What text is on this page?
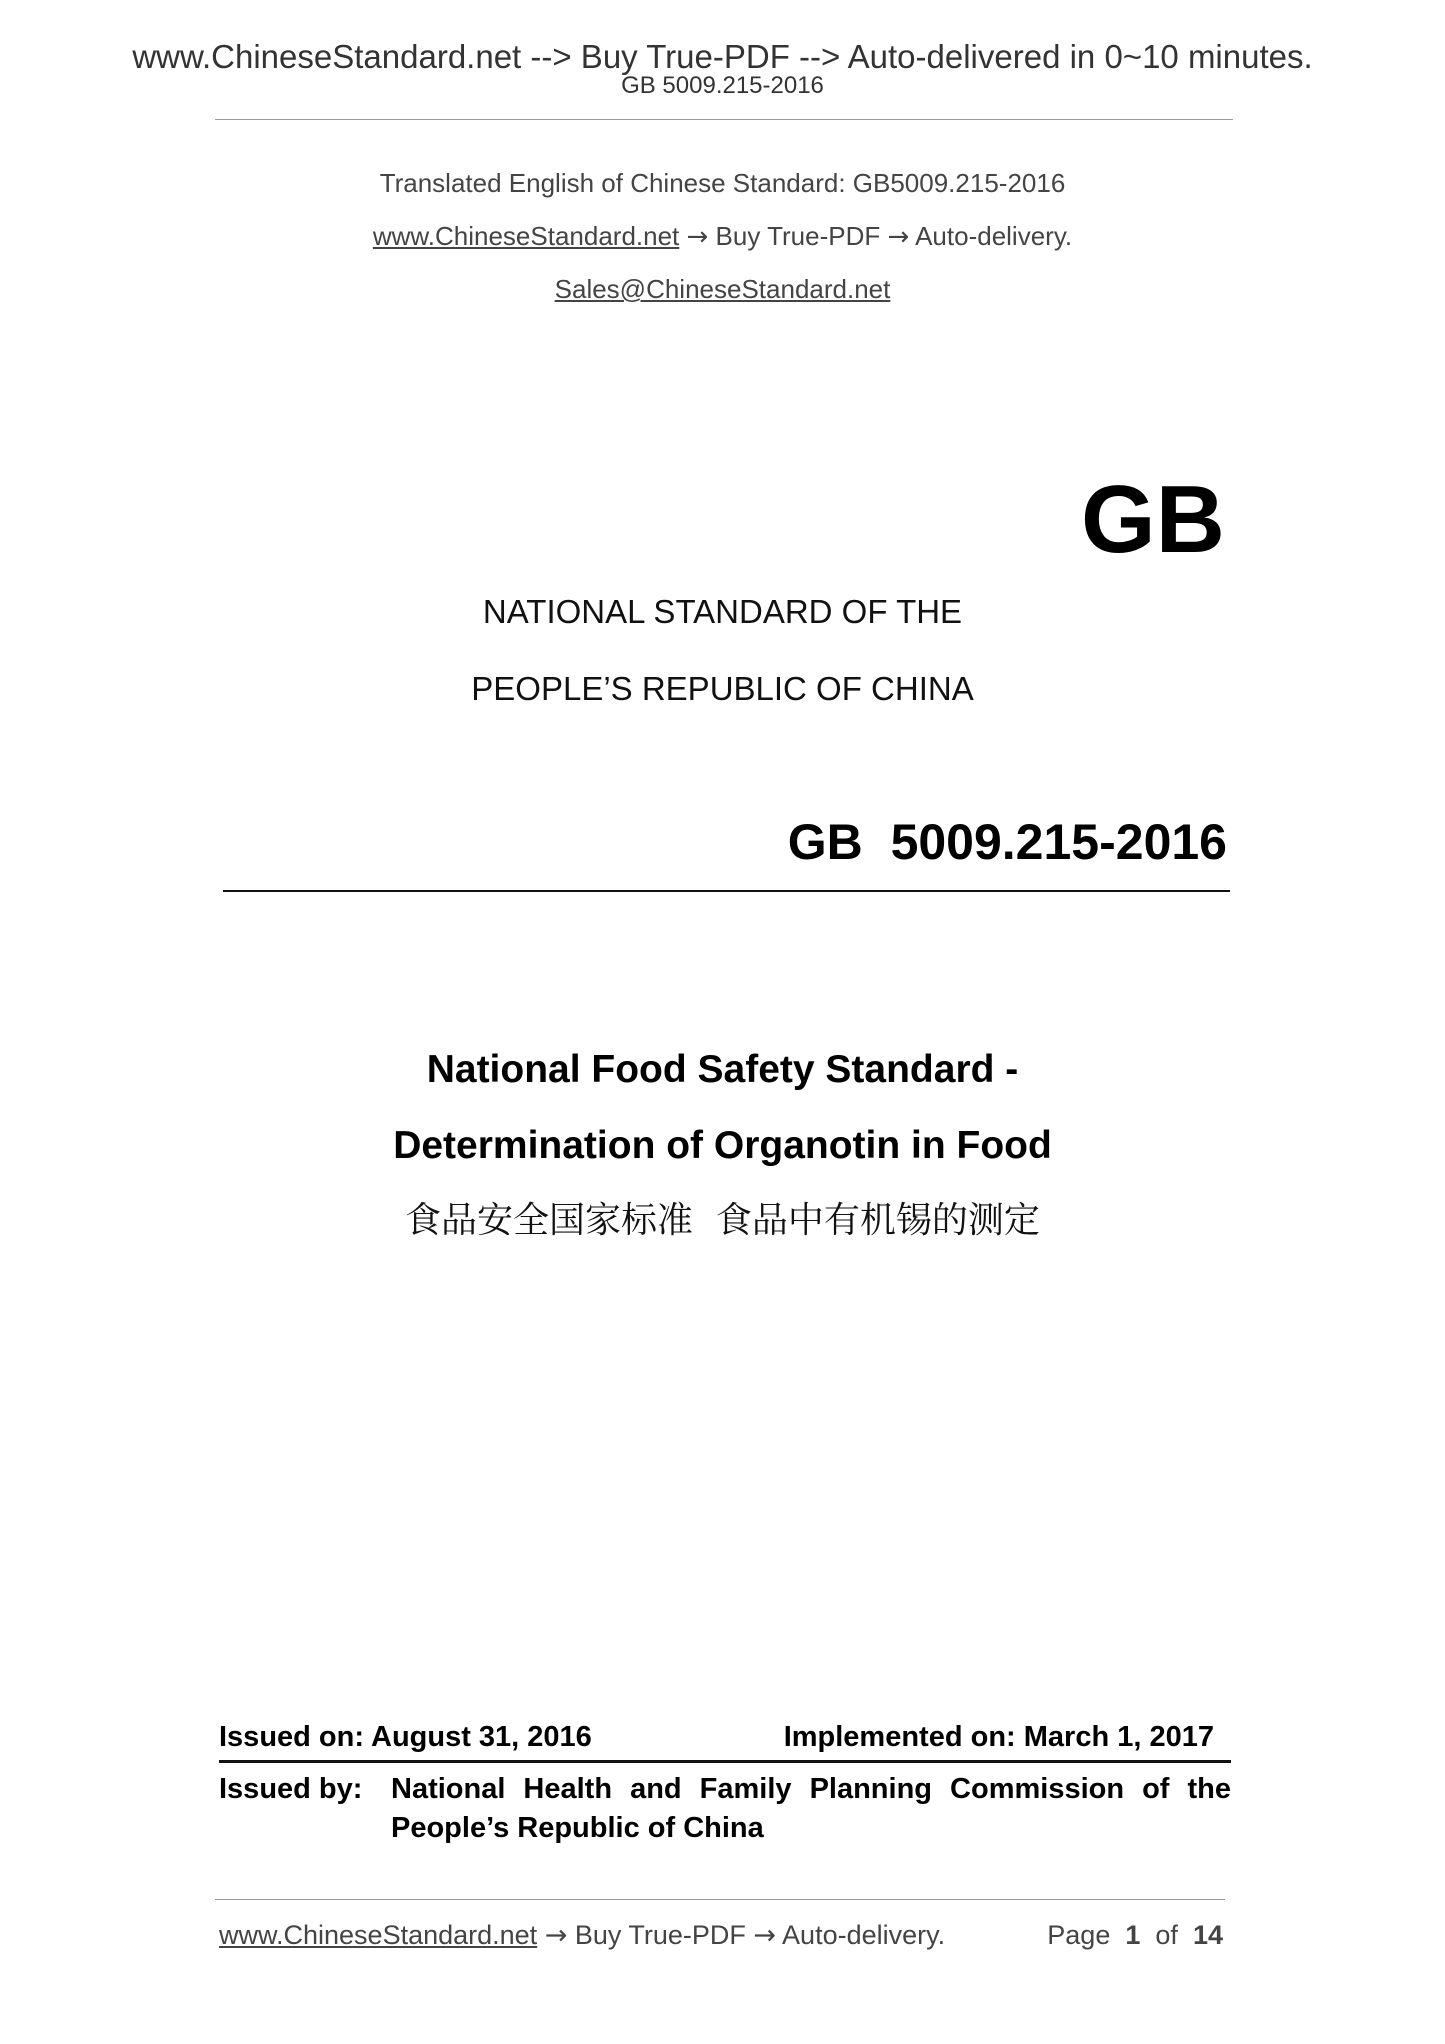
www.ChineseStandard.net --> Buy True-PDF --> Auto-delivered in 0~10 minutes.
GB 5009.215-2016
Translated English of Chinese Standard: GB5009.215-2016
www.ChineseStandard.net → Buy True-PDF → Auto-delivery.
Sales@ChineseStandard.net
GB
NATIONAL STANDARD OF THE
PEOPLE’S REPUBLIC OF CHINA
GB  5009.215-2016
National Food Safety Standard -
Determination of Organotin in Food
食品安全国家标准  食品中有机锡的测定
Issued on: August 31, 2016	Implemented on: March 1, 2017
Issued by: National Health and Family Planning Commission of the
People’s Republic of China
www.ChineseStandard.net → Buy True-PDF → Auto-delivery.	Page 1 of 14
